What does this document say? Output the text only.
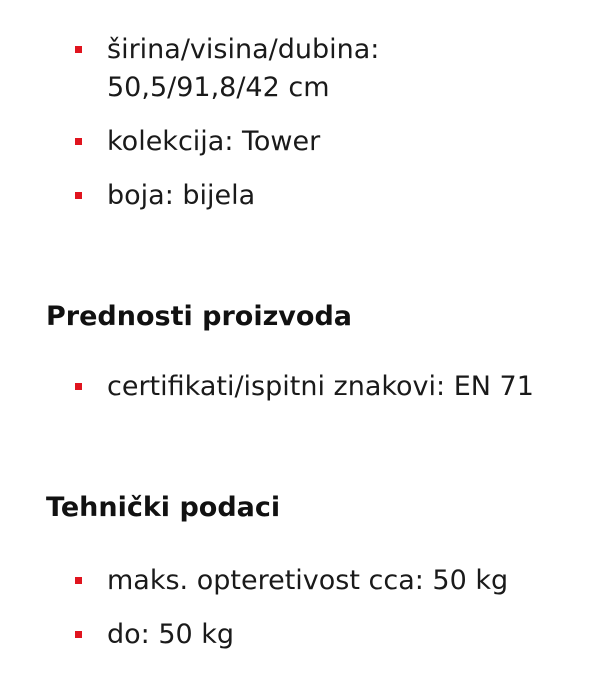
širina/visina/dubina:
50,5/91,8/42 cm
kolekcija: Tower
boja: bijela
Prednosti proizvoda
certifikati/ispitni znakovi: EN 71
Tehnički podaci
maks. opteretivost cca: 50 kg
do: 50 kg
